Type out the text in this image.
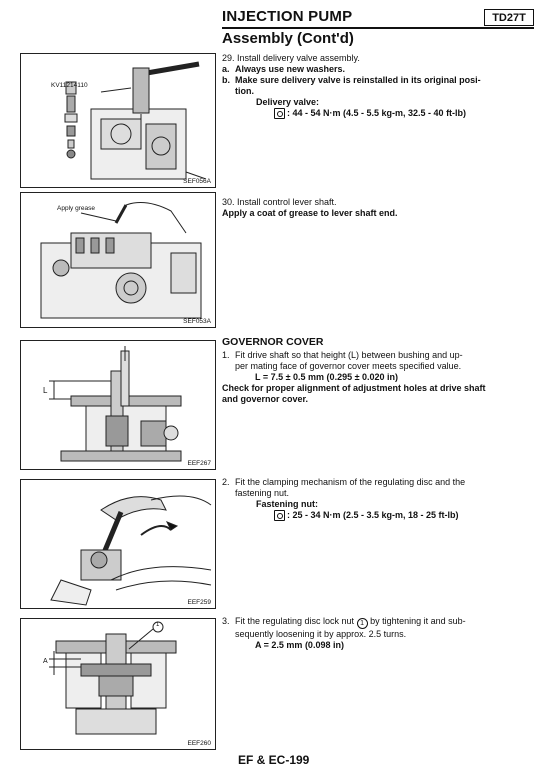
INJECTION PUMP	TD27T
Assembly (Cont'd)
KV11214110
SEF056A
Apply grease
SEF053A
L
EEF267
EEF259
A
1
EEF260
29. Install delivery valve assembly.
a. Always use new washers.
b. Make sure delivery valve is reinstalled in its original posi-
tion.
Delivery valve:
: 44 - 54 N·m (4.5 - 5.5 kg-m, 32.5 - 40 ft-lb)
30. Install control lever shaft.
Apply a coat of grease to lever shaft end.
GOVERNOR COVER
1. Fit drive shaft so that height (L) between bushing and up-
per mating face of governor cover meets specified value.
L = 7.5 ± 0.5 mm (0.295 ± 0.020 in)
Check for proper alignment of adjustment holes at drive shaft
and governor cover.
2. Fit the clamping mechanism of the regulating disc and the
fastening nut.
Fastening nut:
: 25 - 34 N·m (2.5 - 3.5 kg-m, 18 - 25 ft-lb)
3. Fit the regulating disc lock nut 1 by tightening it and sub-
sequently loosening it by approx. 2.5 turns.
A = 2.5 mm (0.098 in)
EF & EC-199
